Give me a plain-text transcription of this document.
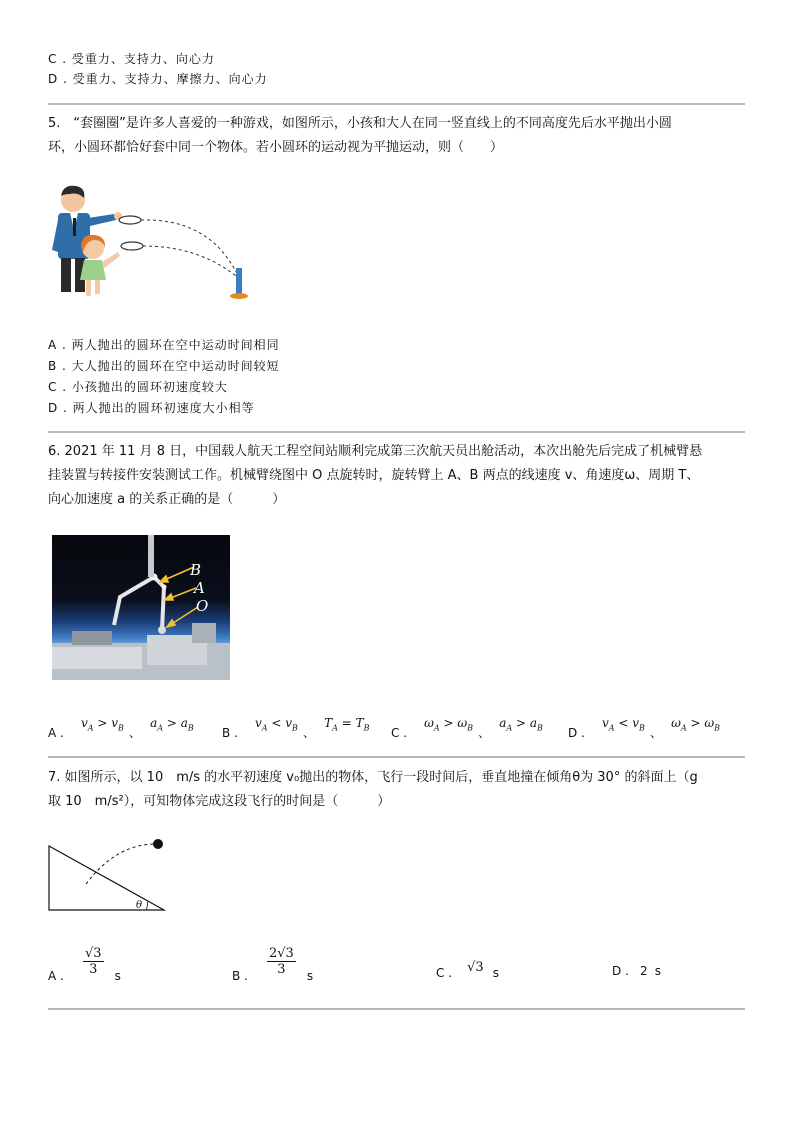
C . 受重力、支持力、向心力
D . 受重力、支持力、摩擦力、向心力
5.　“套圈圈”是许多人喜爱的一种游戏，如图所示，小孩和大人在同一竖直线上的不同高度先后水平抛出小圆
环，小圆环都恰好套中同一个物体。若小圆环的运动视为平抛运动，则（　　）
A . 两人抛出的圆环在空中运动时间相同
B . 大人抛出的圆环在空中运动时间较短
C . 小孩抛出的圆环初速度较大
D . 两人抛出的圆环初速度大小相等
6. 2021 年 11 月 8 日，中国载人航天工程空间站顺利完成第三次航天员出舱活动，本次出舱先后完成了机械臂悬
挂装置与转接件安装测试工作。机械臂绕图中 O 点旋转时，旋转臂上 A、B 两点的线速度 v、角速度ω、周期 T、
向心加速度 a 的关系正确的是（　　　）
B
A
O
$_{A .}$ $v_A > v_B$ $_、$ $a_A > a_B$ $_{B .}$ $v_A < v_B$ $_、$ $T_A = T_B$ $_{C .}$ $\omega_A > \omega_B$ $_、$ $a_A > a_B$ $_{D .}$ $v_A < v_B$ $_、$ $\omega_A > \omega_B$
7. 如图所示，以 10　m/s 的水平初速度 v₀抛出的物体，飞行一段时间后，垂直地撞在倾角θ为 30° 的斜面上（g
取 10　m/s²），可知物体完成这段飞行的时间是（　　　）
θ
$_{A .} \frac{√3}{3} _s$	$_{B .} \frac{2√3}{3} _s$	$_{C .}$ √3 $_s$	D . 2 s
